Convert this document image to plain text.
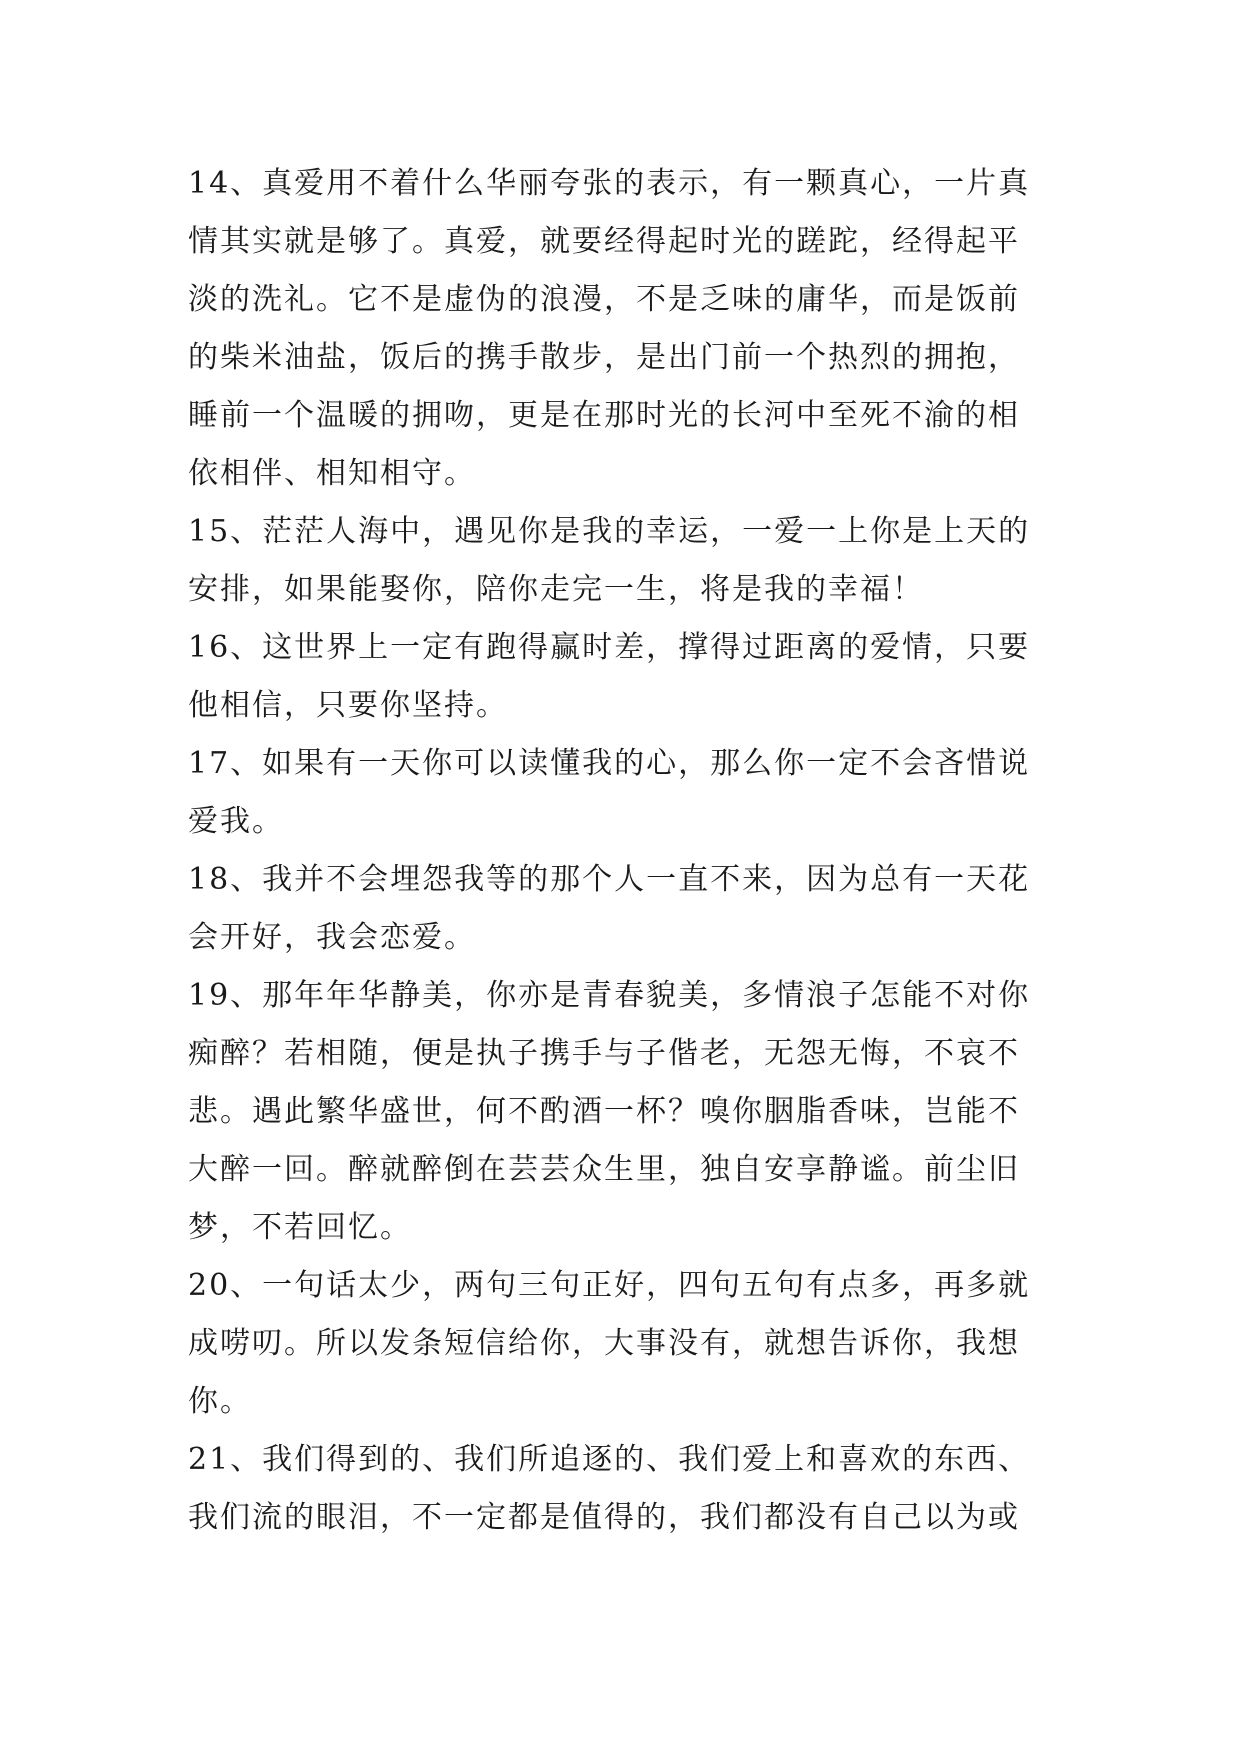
14、真爱用不着什么华丽夸张的表示，有一颗真心，一片真
情其实就是够了。真爱，就要经得起时光的蹉跎，经得起平
淡的洗礼。它不是虚伪的浪漫，不是乏味的庸华，而是饭前
的柴米油盐，饭后的携手散步，是出门前一个热烈的拥抱，
睡前一个温暖的拥吻，更是在那时光的长河中至死不渝的相
依相伴、相知相守。
15、茫茫人海中，遇见你是我的幸运，一爱一上你是上天的
安排，如果能娶你，陪你走完一生，将是我的幸福！
16、这世界上一定有跑得赢时差，撑得过距离的爱情，只要
他相信，只要你坚持。
17、如果有一天你可以读懂我的心，那么你一定不会吝惜说
爱我。
18、我并不会埋怨我等的那个人一直不来，因为总有一天花
会开好，我会恋爱。
19、那年年华静美，你亦是青春貌美，多情浪子怎能不对你
痴醉？若相随，便是执子携手与子偕老，无怨无悔，不哀不
悲。遇此繁华盛世，何不酌酒一杯？嗅你胭脂香味，岂能不
大醉一回。醉就醉倒在芸芸众生里，独自安享静谧。前尘旧
梦，不若回忆。
20、一句话太少，两句三句正好，四句五句有点多，再多就
成唠叨。所以发条短信给你，大事没有，就想告诉你，我想
你。
21、我们得到的、我们所追逐的、我们爱上和喜欢的东西、
我们流的眼泪，不一定都是值得的，我们都没有自己以为或
